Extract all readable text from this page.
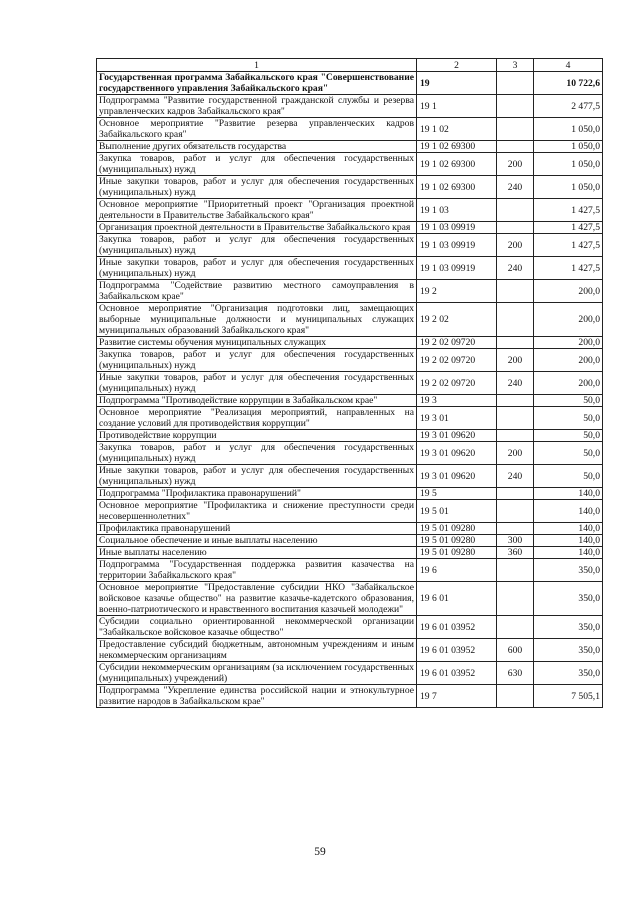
1	2	3	4
Государственная программа Забайкальского края "Совершенствование государственного управления Забайкальского края"	19		10 722,6
Подпрограмма "Развитие государственной гражданской службы и резерва управленческих кадров Забайкальского края"	19 1		2 477,5
Основное мероприятие "Развитие резерва управленческих кадров Забайкальского края"	19 1 02		1 050,0
Выполнение других обязательств государства	19 1 02 69300		1 050,0
Закупка товаров, работ и услуг для обеспечения государственных (муниципальных) нужд	19 1 02 69300	200	1 050,0
Иные закупки товаров, работ и услуг для обеспечения государственных (муниципальных) нужд	19 1 02 69300	240	1 050,0
Основное мероприятие "Приоритетный проект "Организация проектной деятельности в Правительстве Забайкальского края"	19 1 03		1 427,5
Организация проектной деятельности в Правительстве Забайкальского края	19 1 03 09919		1 427,5
Закупка товаров, работ и услуг для обеспечения государственных (муниципальных) нужд	19 1 03 09919	200	1 427,5
Иные закупки товаров, работ и услуг для обеспечения государственных (муниципальных) нужд	19 1 03 09919	240	1 427,5
Подпрограмма "Содействие развитию местного самоуправления в Забайкальском крае"	19 2		200,0
Основное мероприятие "Организация подготовки лиц, замещающих выборные муниципальные должности и муниципальных служащих муниципальных образований Забайкальского края"	19 2 02		200,0
Развитие системы обучения муниципальных служащих	19 2 02 09720		200,0
Закупка товаров, работ и услуг для обеспечения государственных (муниципальных) нужд	19 2 02 09720	200	200,0
Иные закупки товаров, работ и услуг для обеспечения государственных (муниципальных) нужд	19 2 02 09720	240	200,0
Подпрограмма "Противодействие коррупции в Забайкальском крае"	19 3		50,0
Основное мероприятие "Реализация мероприятий, направленных на создание условий для противодействия коррупции"	19 3 01		50,0
Противодействие коррупции	19 3 01 09620		50,0
Закупка товаров, работ и услуг для обеспечения государственных (муниципальных) нужд	19 3 01 09620	200	50,0
Иные закупки товаров, работ и услуг для обеспечения государственных (муниципальных) нужд	19 3 01 09620	240	50,0
Подпрограмма "Профилактика правонарушений"	19 5		140,0
Основное мероприятие "Профилактика и снижение преступности среди несовершеннолетних"	19 5 01		140,0
Профилактика правонарушений	19 5 01 09280		140,0
Социальное обеспечение и иные выплаты населению	19 5 01 09280	300	140,0
Иные выплаты населению	19 5 01 09280	360	140,0
Подпрограмма "Государственная поддержка развития казачества на территории Забайкальского края"	19 6		350,0
Основное мероприятие "Предоставление субсидии НКО "Забайкальское войсковое казачье общество" на развитие казачье-кадетского образования, военно-патриотического и нравственного воспитания казачьей молодежи"	19 6 01		350,0
Субсидии социально ориентированной некоммерческой организации "Забайкальское войсковое казачье общество"	19 6 01 03952		350,0
Предоставление субсидий бюджетным, автономным учреждениям и иным некоммерческим организациям	19 6 01 03952	600	350,0
Субсидии некоммерческим организациям (за исключением государственных (муниципальных) учреждений)	19 6 01 03952	630	350,0
Подпрограмма "Укрепление единства российской нации и этнокультурное развитие народов в Забайкальском крае"	19 7		7 505,1
59
